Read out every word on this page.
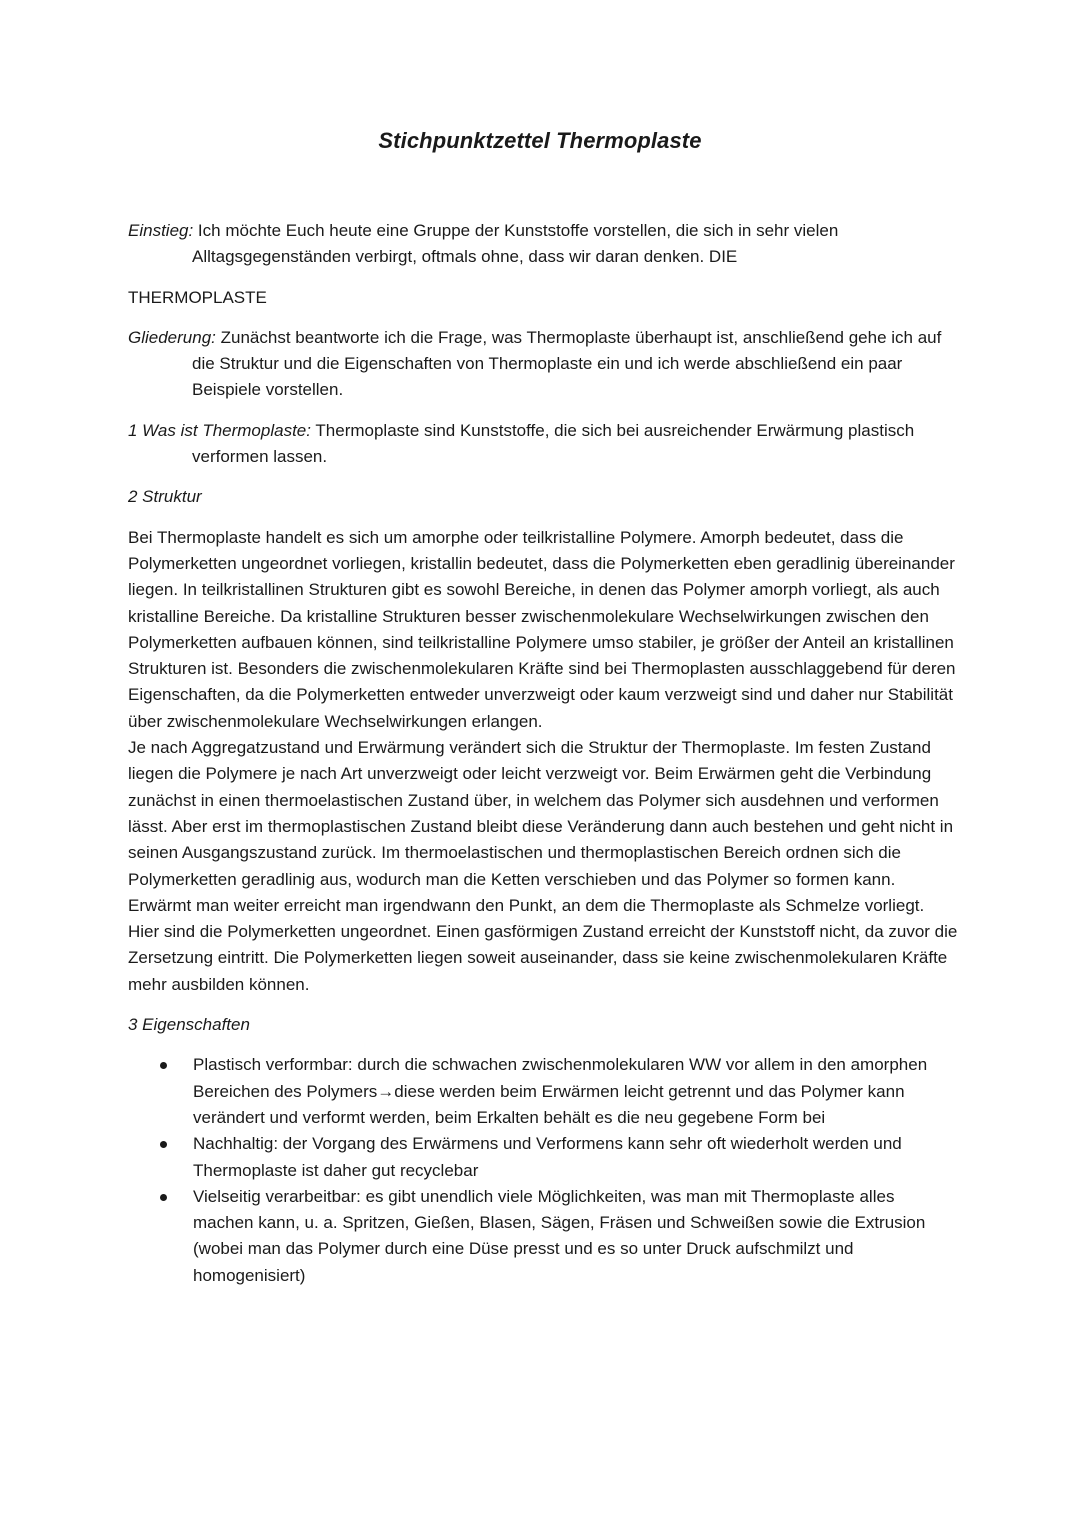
Stichpunktzettel Thermoplaste

Einstieg: Ich möchte Euch heute eine Gruppe der Kunststoffe vorstellen, die sich in sehr vielen Alltagsgegenständen verbirgt, oftmals ohne, dass wir daran denken. DIE

THERMOPLASTE

Gliederung: Zunächst beantworte ich die Frage, was Thermoplaste überhaupt ist, anschließend gehe ich auf die Struktur und die Eigenschaften von Thermoplaste ein und ich werde abschließend ein paar Beispiele vorstellen.

1 Was ist Thermoplaste: Thermoplaste sind Kunststoffe, die sich bei ausreichender Erwärmung plastisch verformen lassen.

2 Struktur

Bei Thermoplaste handelt es sich um amorphe oder teilkristalline Polymere. Amorph bedeutet, dass die Polymerketten ungeordnet vorliegen, kristallin bedeutet, dass die Polymerketten eben geradlinig übereinander liegen. In teilkristallinen Strukturen gibt es sowohl Bereiche, in denen das Polymer amorph vorliegt, als auch kristalline Bereiche. Da kristalline Strukturen besser zwischenmolekulare Wechselwirkungen zwischen den Polymerketten aufbauen können, sind teilkristalline Polymere umso stabiler, je größer der Anteil an kristallinen Strukturen ist. Besonders die zwischenmolekularen Kräfte sind bei Thermoplasten ausschlaggebend für deren Eigenschaften, da die Polymerketten entweder unverzweigt oder kaum verzweigt sind und daher nur Stabilität über zwischenmolekulare Wechselwirkungen erlangen.

Je nach Aggregatzustand und Erwärmung verändert sich die Struktur der Thermoplaste. Im festen Zustand liegen die Polymere je nach Art unverzweigt oder leicht verzweigt vor. Beim Erwärmen geht die Verbindung zunächst in einen thermoelastischen Zustand über, in welchem das Polymer sich ausdehnen und verformen lässt. Aber erst im thermoplastischen Zustand bleibt diese Veränderung dann auch bestehen und geht nicht in seinen Ausgangszustand zurück. Im thermoelastischen und thermoplastischen Bereich ordnen sich die Polymerketten geradlinig aus, wodurch man die Ketten verschieben und das Polymer so formen kann. Erwärmt man weiter erreicht man irgendwann den Punkt, an dem die Thermoplaste als Schmelze vorliegt. Hier sind die Polymerketten ungeordnet. Einen gasförmigen Zustand erreicht der Kunststoff nicht, da zuvor die Zersetzung eintritt. Die Polymerketten liegen soweit auseinander, dass sie keine zwischenmolekularen Kräfte mehr ausbilden können.

3 Eigenschaften

Plastisch verformbar: durch die schwachen zwischenmolekularen WW vor allem in den amorphen Bereichen des Polymers→diese werden beim Erwärmen leicht getrennt und das Polymer kann verändert und verformt werden, beim Erkalten behält es die neu gegebene Form bei
Nachhaltig: der Vorgang des Erwärmens und Verformens kann sehr oft wiederholt werden und Thermoplaste ist daher gut recyclebar
Vielseitig verarbeitbar: es gibt unendlich viele Möglichkeiten, was man mit Thermoplaste alles machen kann, u. a. Spritzen, Gießen, Blasen, Sägen, Fräsen und Schweißen sowie die Extrusion (wobei man das Polymer durch eine Düse presst und es so unter Druck aufschmilzt und homogenisiert)
